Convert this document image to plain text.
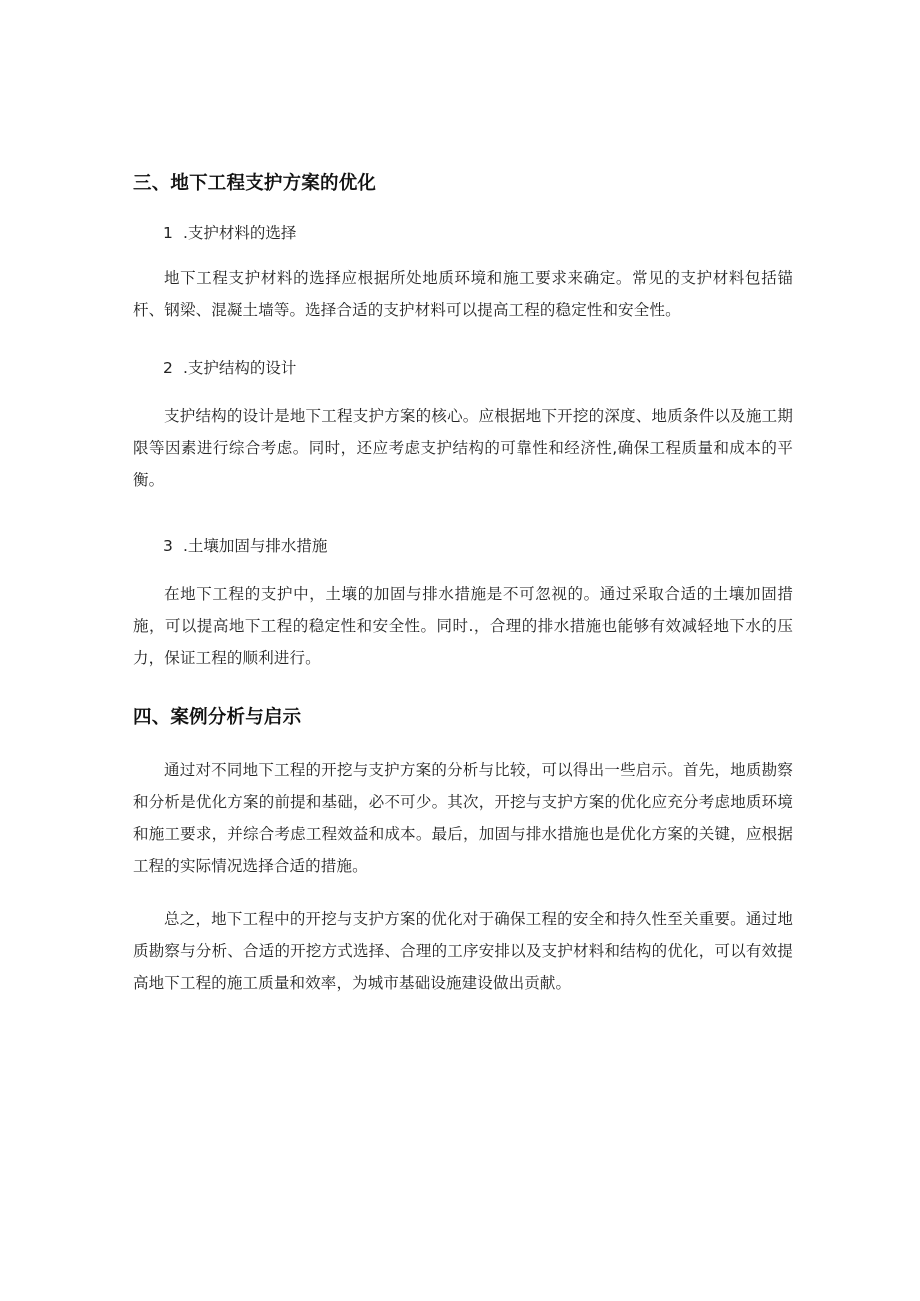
三、地下工程支护方案的优化
1 .支护材料的选择

地下工程支护材料的选择应根据所处地质环境和施工要求来确定。常见的支护材料包括锚杆、钢梁、混凝土墙等。选择合适的支护材料可以提高工程的稳定性和安全性。

2 .支护结构的设计

支护结构的设计是地下工程支护方案的核心。应根据地下开挖的深度、地质条件以及施工期限等因素进行综合考虑。同时，还应考虑支护结构的可靠性和经济性,确保工程质量和成本的平衡。

3 .土壤加固与排水措施

在地下工程的支护中，土壤的加固与排水措施是不可忽视的。通过采取合适的土壤加固措施，可以提高地下工程的稳定性和安全性。同时.，合理的排水措施也能够有效减轻地下水的压力，保证工程的顺利进行。

四、案例分析与启示

通过对不同地下工程的开挖与支护方案的分析与比较，可以得出一些启示。首先，地质勘察和分析是优化方案的前提和基础，必不可少。其次，开挖与支护方案的优化应充分考虑地质环境和施工要求，并综合考虑工程效益和成本。最后，加固与排水措施也是优化方案的关键，应根据工程的实际情况选择合适的措施。

总之，地下工程中的开挖与支护方案的优化对于确保工程的安全和持久性至关重要。通过地质勘察与分析、合适的开挖方式选择、合理的工序安排以及支护材料和结构的优化，可以有效提高地下工程的施工质量和效率，为城市基础设施建设做出贡献。
